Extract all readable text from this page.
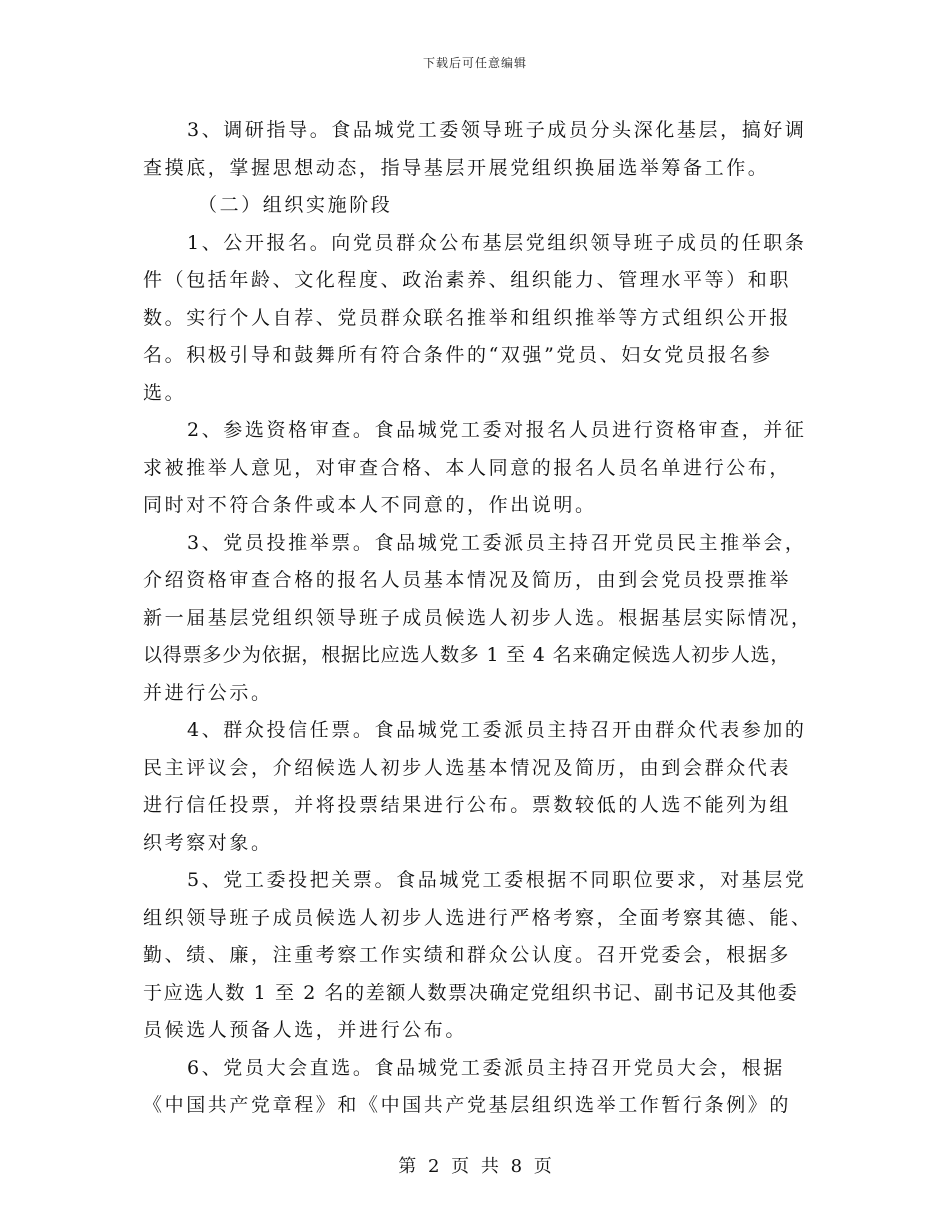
下载后可任意编辑
3、调研指导。食品城党工委领导班子成员分头深化基层，搞好调
查摸底，掌握思想动态，指导基层开展党组织换届选举筹备工作。
（二）组织实施阶段
1、公开报名。向党员群众公布基层党组织领导班子成员的任职条
件（包括年龄、文化程度、政治素养、组织能力、管理水平等）和职
数。实行个人自荐、党员群众联名推举和组织推举等方式组织公开报
名。积极引导和鼓舞所有符合条件的“双强”党员、妇女党员报名参
选。
2、参选资格审查。食品城党工委对报名人员进行资格审查，并征
求被推举人意见，对审查合格、本人同意的报名人员名单进行公布，
同时对不符合条件或本人不同意的，作出说明。
3、党员投推举票。食品城党工委派员主持召开党员民主推举会，
介绍资格审查合格的报名人员基本情况及简历，由到会党员投票推举
新一届基层党组织领导班子成员候选人初步人选。根据基层实际情况，
以得票多少为依据，根据比应选人数多 1 至 4 名来确定候选人初步人选，
并进行公示。
4、群众投信任票。食品城党工委派员主持召开由群众代表参加的
民主评议会，介绍候选人初步人选基本情况及简历，由到会群众代表
进行信任投票，并将投票结果进行公布。票数较低的人选不能列为组
织考察对象。
5、党工委投把关票。食品城党工委根据不同职位要求，对基层党
组织领导班子成员候选人初步人选进行严格考察，全面考察其德、能、
勤、绩、廉，注重考察工作实绩和群众公认度。召开党委会，根据多
于应选人数 1 至 2 名的差额人数票决确定党组织书记、副书记及其他委
员候选人预备人选，并进行公布。
6、党员大会直选。食品城党工委派员主持召开党员大会，根据
《中国共产党章程》和《中国共产党基层组织选举工作暂行条例》的
第 2 页 共 8 页
